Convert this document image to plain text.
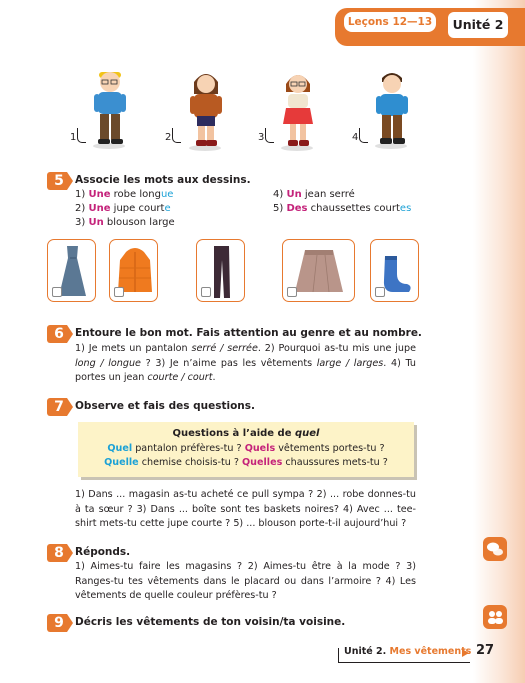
Leçons 12—13	Unité 2
1	2	3	4
5	Associe les mots aux dessins.
1) Une robe longue
2) Une jupe courte
3) Un blouson large
4) Un jean serré
5) Des chaussettes courtes
6	Entoure le bon mot. Fais attention au genre et au nombre.
1) Je mets un pantalon serré / serrée. 2) Pourquoi as-tu mis une jupe long / longue ? 3) Je n’aime pas les vêtements large / larges. 4) Tu portes un jean courte / court.
7	Observe et fais des questions.
Questions à l’aide de quel
Quel pantalon préfères-tu ? Quels vêtements portes-tu ?
Quelle chemise choisis-tu ? Quelles chaussures mets-tu ?
1) Dans ... magasin as-tu acheté ce pull sympa ? 2) ... robe donnes-tu à ta sœur ? 3) Dans ... boîte sont tes baskets noires? 4) Avec ... tee-shirt mets-tu cette jupe courte ? 5) ... blouson porte-t-il aujourd’hui ?
8	Réponds.
1) Aimes-tu faire les magasins ? 2) Aimes-tu être à la mode ? 3) Ranges-tu tes vêtements dans le placard ou dans l’armoire ? 4) Les vêtements de quelle couleur préfères-tu ?
9	Décris les vêtements de ton voisin/ta voisine.
Unité 2. Mes vêtements 27
